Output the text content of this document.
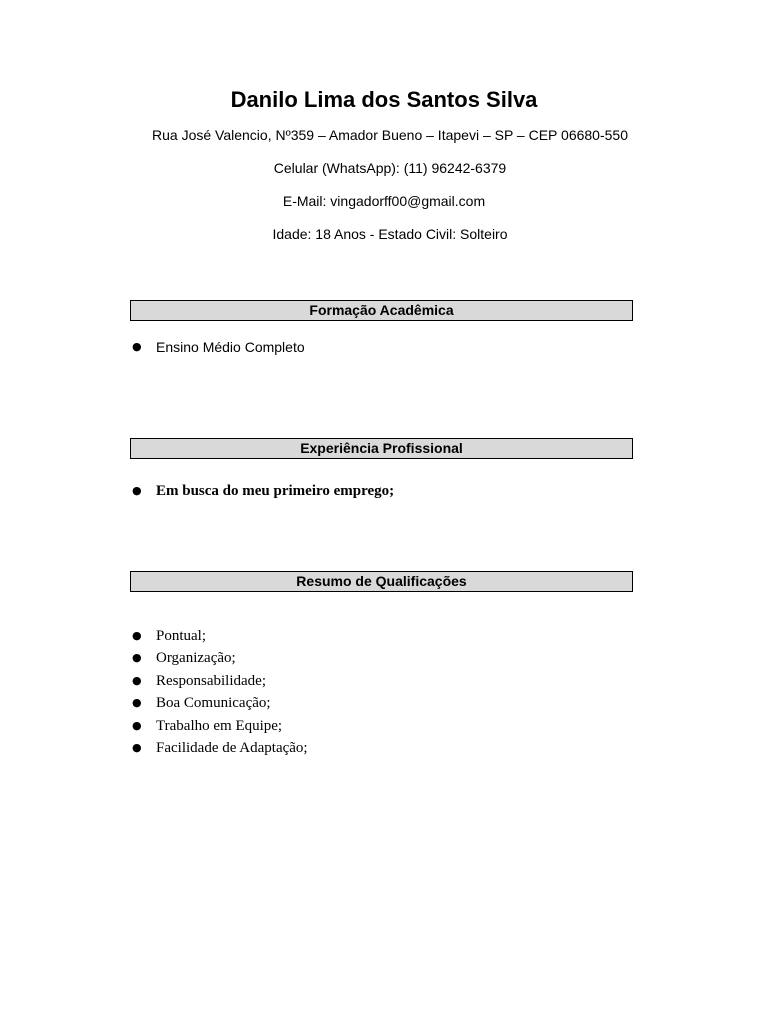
Danilo Lima dos Santos Silva
Rua José Valencio, Nº359 – Amador Bueno – Itapevi – SP – CEP 06680-550
Celular (WhatsApp): (11) 96242-6379
E-Mail: vingadorff00@gmail.com
Idade: 18 Anos - Estado Civil: Solteiro
Formação Acadêmica
● Ensino Médio Completo
Experiência Profissional
● Em busca do meu primeiro emprego;
Resumo de Qualificações
● Pontual;
● Organização;
● Responsabilidade;
● Boa Comunicação;
● Trabalho em Equipe;
● Facilidade de Adaptação;
